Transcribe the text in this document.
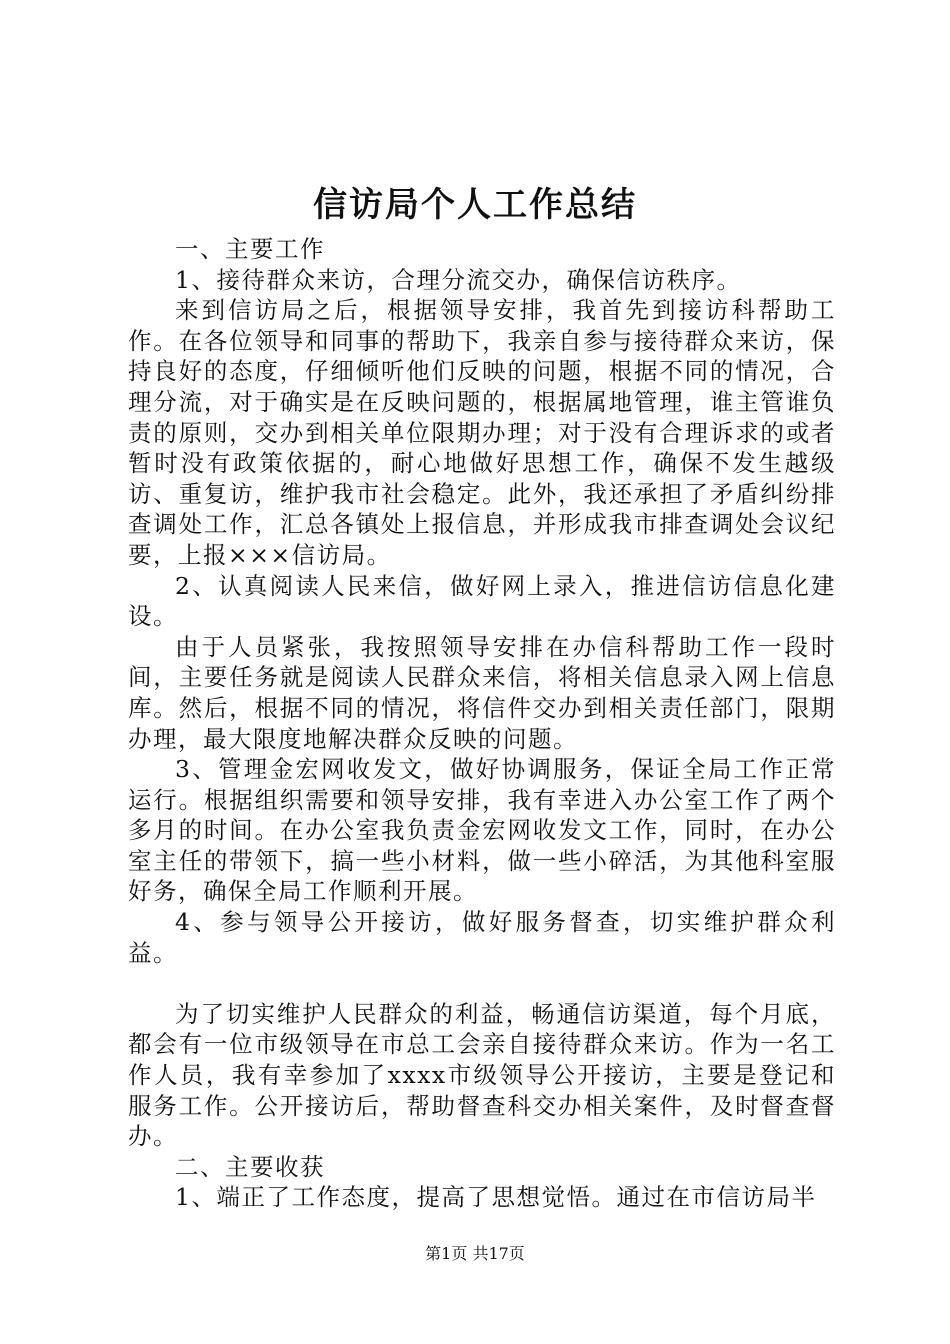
信访局个人工作总结

一、主要工作

1、接待群众来访，合理分流交办，确保信访秩序。

来到信访局之后，根据领导安排，我首先到接访科帮助工作。在各位领导和同事的帮助下，我亲自参与接待群众来访，保持良好的态度，仔细倾听他们反映的问题，根据不同的情况，合理分流，对于确实是在反映问题的，根据属地管理，谁主管谁负责的原则，交办到相关单位限期办理；对于没有合理诉求的或者暂时没有政策依据的，耐心地做好思想工作，确保不发生越级访、重复访，维护我市社会稳定。此外，我还承担了矛盾纠纷排查调处工作，汇总各镇处上报信息，并形成我市排查调处会议纪要，上报×××信访局。

2、认真阅读人民来信，做好网上录入，推进信访信息化建设。

由于人员紧张，我按照领导安排在办信科帮助工作一段时间，主要任务就是阅读人民群众来信，将相关信息录入网上信息库。然后，根据不同的情况，将信件交办到相关责任部门，限期办理，最大限度地解决群众反映的问题。

3、管理金宏网收发文，做好协调服务，保证全局工作正常运行。根据组织需要和领导安排，我有幸进入办公室工作了两个多月的时间。在办公室我负责金宏网收发文工作，同时，在办公室主任的带领下，搞一些小材料，做一些小碎活，为其他科室服好务，确保全局工作顺利开展。

4、参与领导公开接访，做好服务督查，切实维护群众利益。

为了切实维护人民群众的利益，畅通信访渠道，每个月底，都会有一位市级领导在市总工会亲自接待群众来访。作为一名工作人员，我有幸参加了xxxx市级领导公开接访，主要是登记和服务工作。公开接访后，帮助督查科交办相关案件，及时督查督办。

二、主要收获

1、端正了工作态度，提高了思想觉悟。通过在市信访局半

第1页 共17页
